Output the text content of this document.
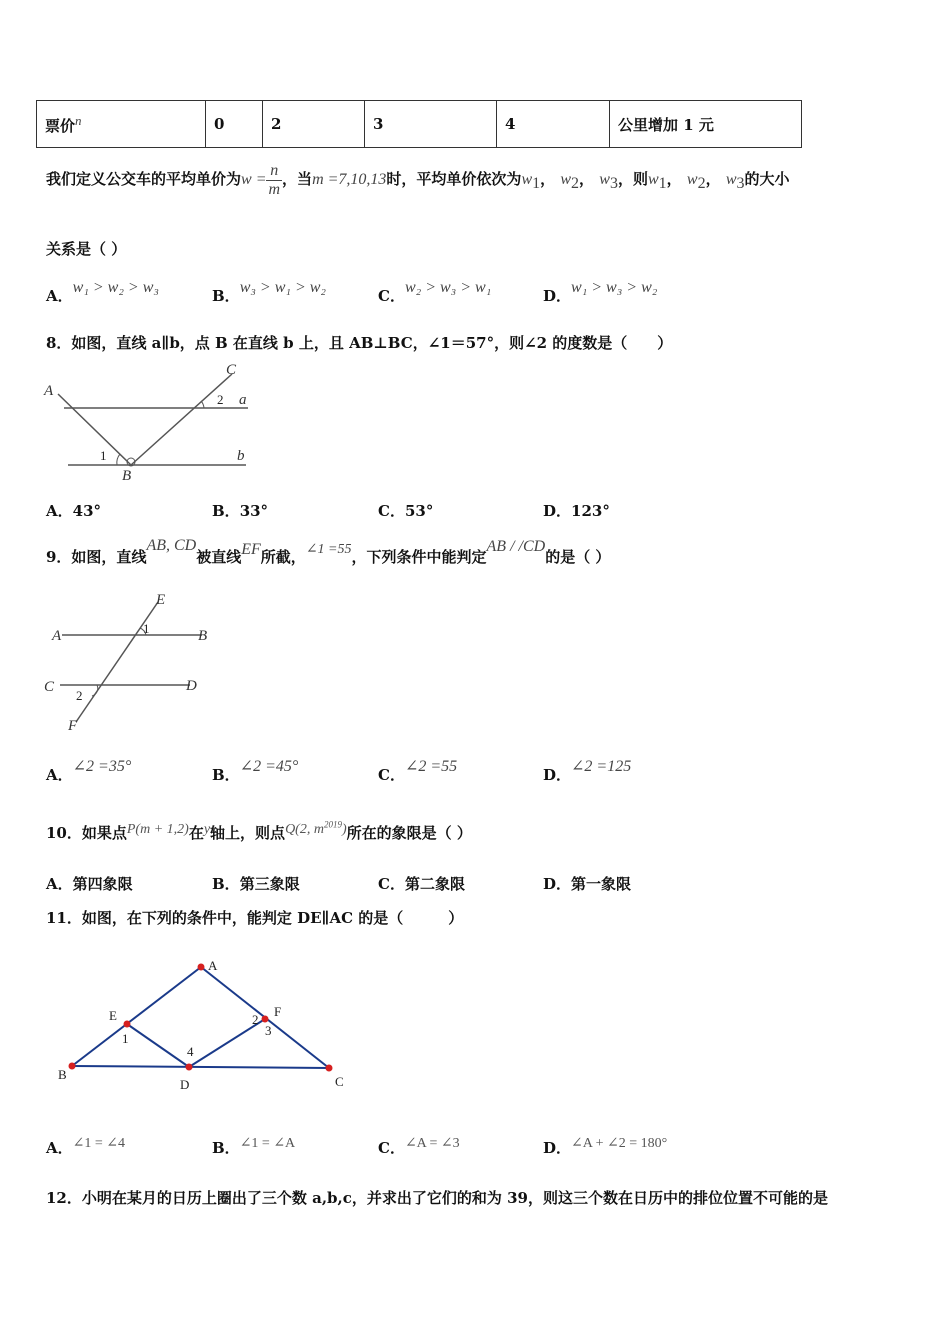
票价$^n$	0	2	3	4	公里增加 1 元
我们定义公交车的平均单价为$w = \frac{n}{m}$ ，当m =7,10,13时，平均单价依次为$w_1$， $w_2$， $w_3$，则$w_1$， $w_2$， $w_3$的大小
关系是（ ）
A．w₁ > w₂ > w₃	B．w₃ > w₁ > w₂	C．w₂ > w₃ > w₁	D．w₁ > w₃ > w₂
8．如图，直线 a∥b，点 B 在直线 b 上，且 AB⊥BC，∠1＝57°，则∠2 的度数是（　　）
A
C
a
b
B
1
2
A．43°	B．33°	C．53°	D．123°
9．如图，直线AB, CD被直线EF所截，∠1 =55，下列条件中能判定AB / /CD的是（ ）
E
A	B
C	D
F
1
2
A．∠2 =35°	B．∠2 =45°	C．∠2 =55	D．∠2 =125
10．如果点P(m + 1,2)在y轴上，则点Q(2, $m^{2019}$)所在的象限是（ ）
A．第四象限	B．第三象限	C．第二象限	D．第一象限
11．如图，在下列的条件中，能判定 DE∥AC 的是（　　　）
A
B	C
D
E	F
1
2
3
4
A．∠1 = ∠4	B．∠1 = ∠A	C．∠A = ∠3	D．∠A + ∠2 = 180°
12．小明在某月的日历上圈出了三个数 a,b,c，并求出了它们的和为 39，则这三个数在日历中的排位位置不可能的是
